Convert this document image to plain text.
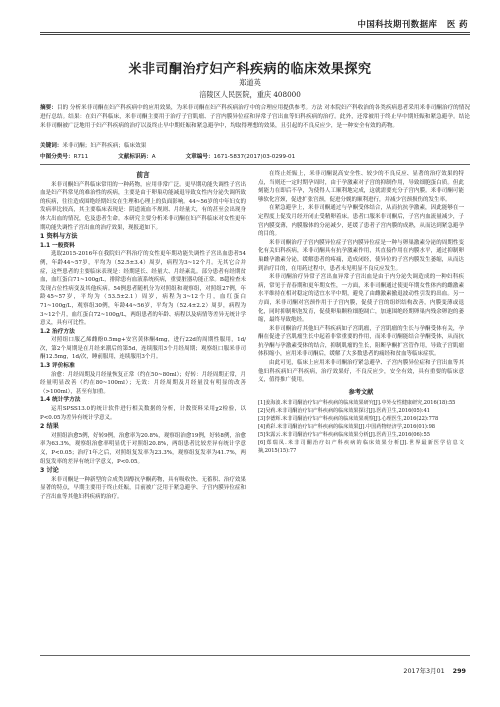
中国科技期刊数据库 医 药
米非司酮治疗妇产科疾病的临床效果探究
郑道英
涪陵区人民医院，重庆 408000
摘要：目的 分析米非司酮在妇产科疾病中的应用效果，为米非司酮在妇产科疾病治疗中的合理应用提供参考。方法 对本院妇产科收治的各类疾病患者采用米非司酮治疗的情况进行总结。结果：在妇产科临床，米非司酮主要用于治疗子宫肌瘤、子宫内膜异位症和异常子宫出血等妇科疾病的治疗。此外，还常被用于终止早中期妊娠和紧急避孕。结论 米非司酮被广泛地用于妇产科疾病的治疗以及终止早中期妊娠和紧急避孕中，均取得理想的效果，且引起的不良反应少，是一种安全有效的药物。
关键词：米非司酮；妇产科疾病；临床效果
中图分类号：R711	文献标识码：A	文章编号：1671-5837(2017)03-0299-01
前言

米非司酮妇产科临床常用的一种药物，应用非常广泛。更早期功能失调性子宫出血是妇产科常见的难治性的疾病，主要是由于卵巢功能减退导致女性内分泌失调所致的疾病，往往造成围绝经期妇女在生理和心理上的负面影响。44~56岁的中年妇女的发病率比较高，其主要临床表现是：阴道流血不规则、月经量大，有的甚至会出现身体大出血的情况，危及患者生命。本研究主要分析米非司酮在妇产科临床对女性更年期功能失调性子宫出血的治疗效果，现报道如下。

1 资料与方法
1.1 一般资料

选取2015-2016年在我院妇产科治疗的女性更年期功能失调性子宫出血患者54例，年龄44~57岁，平均为（52.5±3.4）周岁，病程为3~12个月。无其它合并症，这些患者的主要临床表现是：经期延长、经量大、月经紊乱。部分患者有经期贫血，血红蛋白71~100g/L，排除患有血液系统疾病，重要脏器功能正常。B超检查未发现占位性病变及其他疾病。54例患者随机分为对照组和观察组，对照组27例，年龄45~57岁，平均为（53.5±2.1）周岁，病程为3~12个月，血红蛋白71~100g/L，观察组30例，年龄44~56岁，平均为（52.4±2.2）周岁，病程为3~12个月，血红蛋白72~100g/L，两组患者的年龄、病程以及病情等差异无统计学意义，具有可比性。

1.2 治疗方法

对照组口服乙烯雌酚0.5mg+安宫黄体酮4mg，进行22d的周期性服用，1d/次，第2个周期是在月经来潮后的第5d，连续服用3个月经周期；观察组口服米非司酮12.5mg，1d/次，睡前服用，连续服用3个月。

1.3 评价标准

治愈：月经周期及月经量恢复正常（约在50~80ml）；好转：月经周期正常，月经量明显改善（约在80~100ml）；无效：月经周期及月经量没有明显的改善（>100ml），甚至有加重。

1.4 统计学方法

运用SPSS13.0的统计软件进行相关数据的分析，计数资料采用χ2检验，以P<0.05为差异有统计学意义。

2 结果

对照组治愈5例，好转9例，治愈率为20.8%，观察组治愈19例，好转8例，治愈率为63.3%，观察组治愈率明显优于对照组20.8%，两组患者比较差异有统计学意义，P<0.05；治疗1年之后，对照组复发率为23.3%，观察组复发率为41.7%，两组复发率的差异有统计学意义，P<0.05。

3 讨论

米非司酮是一种新型的合成类固醇抗孕酮药物，具有吸收快、无蓄积、治疗效果显著的特点，早期主要用于终止妊娠，目前被广泛用于紧急避孕、子宫内膜异位症和子宫出血等其他妇科疾病的治疗。

在终止妊娠上，米非司酮说高安全性、较少的不良反应、显著的治疗效果的特点，当则还一定时期孕周时，由于孕激素对子宫的抑制作用，导致细胞蛋白质。但此刻能力在即后不孕，为使得人工顺利地完成，这就需要充分子宫内膜。米非司酮可能够软化宫颈，促进扩张宫颈，促进分娩的顺利进行，并减少宫颈损伤的发生率。

在紧急避孕上，米非司酮通过与孕酮受体结合，从而抗抗孕激素，因此能够在一定程度上促发月经开闭止受精卵着床。患者口服米非司酮后，子宫内血流量减少，子宫内膜变薄，内膜腺体的分泌减少，延缓了患者子宫内膜的成熟，从而达到紧急避孕的目的。

米非司酮治疗子宫内膜异位症子宫内膜异位症是一种与卵巢激素分泌的周期性变化有关妇科疾病，米非司酮具有抗孕激素作用，其直接作用在内膜水平，通过抑制卵巢雌孕激素分泌，缓解患者的疼痛，造成闭经，使异位的子宫内膜发生萎缩，从而达到治疗目的，在用药过程中，患者未见明显不良反应发生。

米非司酮治疗异常子宫出血异常子宫出血是由于内分泌失调造成的一种妇科疾病，常见于青春期和更年期女性，一方面，米非司酮通过使更年期女性体内的雌激素水平维持在相对稳定的适宜水平中期，避免了由雌激素撤退波动性引发的出血。另一方面，米非司酮对宫颈作用于子宫内膜，促使子宫的组织结构改善，内膜变薄或退化，同时抑制卵泡发育，促使卵巢颗粒细胞凋亡，加速围绝经期卵巢内残余卵泡的萎缩，最终导致绝经。

米非司酮治疗其他妇产科疾病如子宫肌瘤，子宫肌瘤的生长与孕酮受体有关，孕酮在促进子宫肌瘤生长中起着非常重要的作用，而米非司酮能结合孕酮受体，从而抗抗孕酮与孕激素受体的结合，抑制肌瘤的生长，阻断孕酮扩宫管作用，导致子宫肌瘤体积缩小，应用米非司酮后，缓解了大多数患者的痛经和贫血等临床症状。

由此可见，临床上应用米非司酮治疗紧急避孕、子宫内膜异位症和子宫出血等其他妇科疾病妇产科疾病，治疗效果好，不良反应少，安全有效，具有重要的临床意义，值得推广使用。

参考文献

[1]姜海波.米非司酮治疗妇产科疾病的临床效果研究[J].中外女性健康研究,2016(18):55

[2]吴莉.米非司酮治疗妇产科疾病的临床效果探讨[J].医药卫生,2016(05):41

[3]李德辉.米非司酮治疗妇产科疾病的临床效果观察[J].心理医生,2016(22):778

[4]黄彩.米非司酮治疗妇产科疾病的临床效果[J].中国药物经济学,2016(01):98

[5]朱露云.米非司酮治疗妇产科疾病临床效果分析[J].医药卫生,2016(06):55

[6]郑瑞凤.米非司酮治疗妇产科疾病的临床效果分析[J].世界最新医学信息文摘,2015(15):77

2017年3月01 299
